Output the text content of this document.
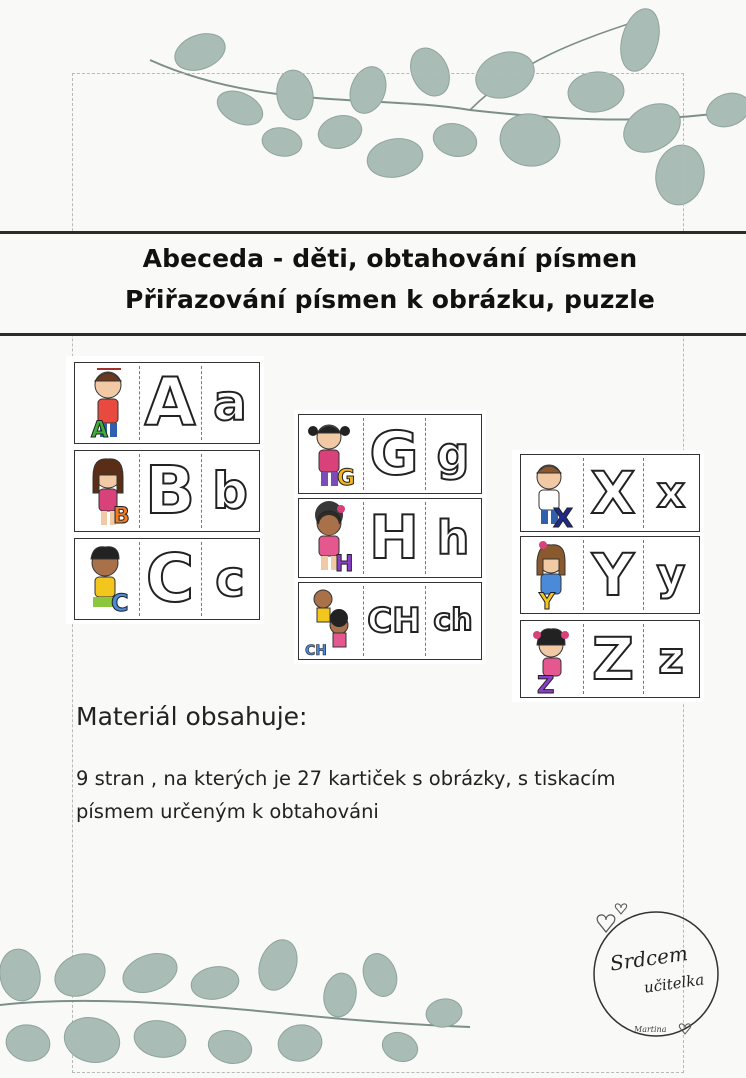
Abeceda - děti, obtahování písmen
Přiřazování písmen k obrázku, puzzle
A A a
B B b
C C c
G G g
H H h
CH
CH ch
X X x
Y Y y
Z Z z
Materiál obsahuje:
9 stran , na kterých je 27 kartiček s obrázky, s tiskacím písmem určeným k obtahováni
Srdcem
učitelka
Martina
